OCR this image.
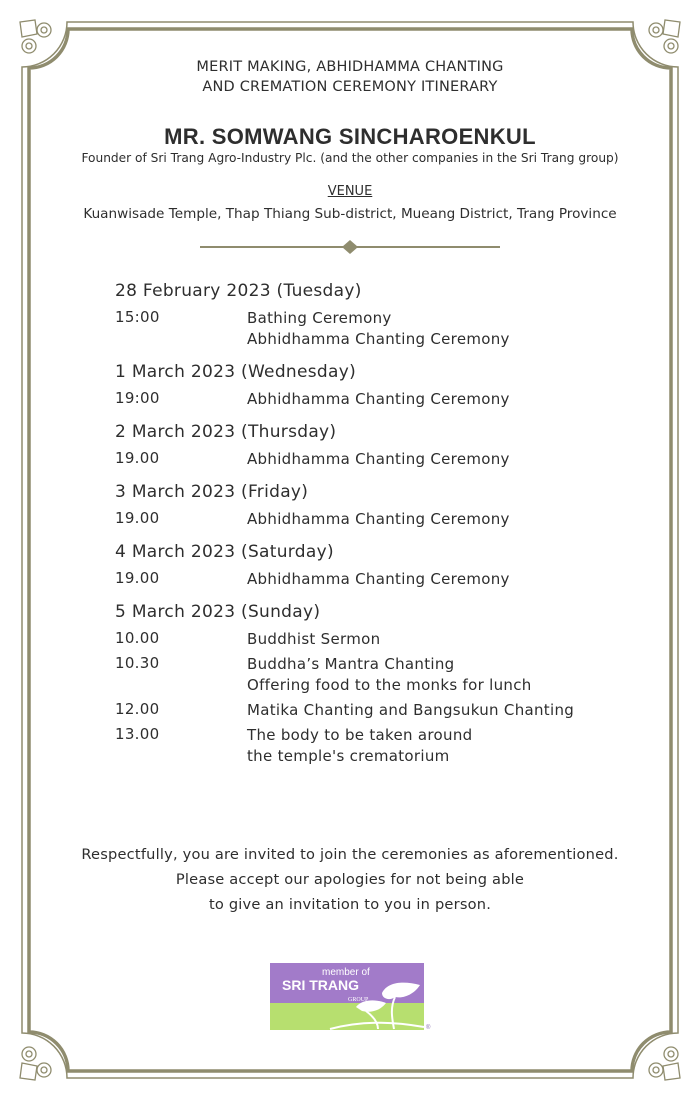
MERIT MAKING, ABHIDHAMMA CHANTING
AND CREMATION CEREMONY ITINERARY
MR. SOMWANG SINCHAROENKUL
Founder of Sri Trang Agro-Industry Plc. (and the other companies in the Sri Trang group)
VENUE
Kuanwisade Temple, Thap Thiang Sub-district, Mueang District, Trang Province
28 February 2023 (Tuesday)
15:00	Bathing Ceremony
Abhidhamma Chanting Ceremony
1 March 2023 (Wednesday)
19:00	Abhidhamma Chanting Ceremony
2 March 2023 (Thursday)
19.00	Abhidhamma Chanting Ceremony
3 March 2023 (Friday)
19.00	Abhidhamma Chanting Ceremony
4 March 2023 (Saturday)
19.00	Abhidhamma Chanting Ceremony
5 March 2023 (Sunday)
10.00	Buddhist Sermon
10.30	Buddha’s Mantra Chanting
Offering food to the monks for lunch
12.00	Matika Chanting and Bangsukun Chanting
13.00	The body to be taken around
the temple's crematorium
Respectfully, you are invited to join the ceremonies as aforementioned.
Please accept our apologies for not being able
to give an invitation to you in person.
member of
SRI TRANG
GROUP
®
